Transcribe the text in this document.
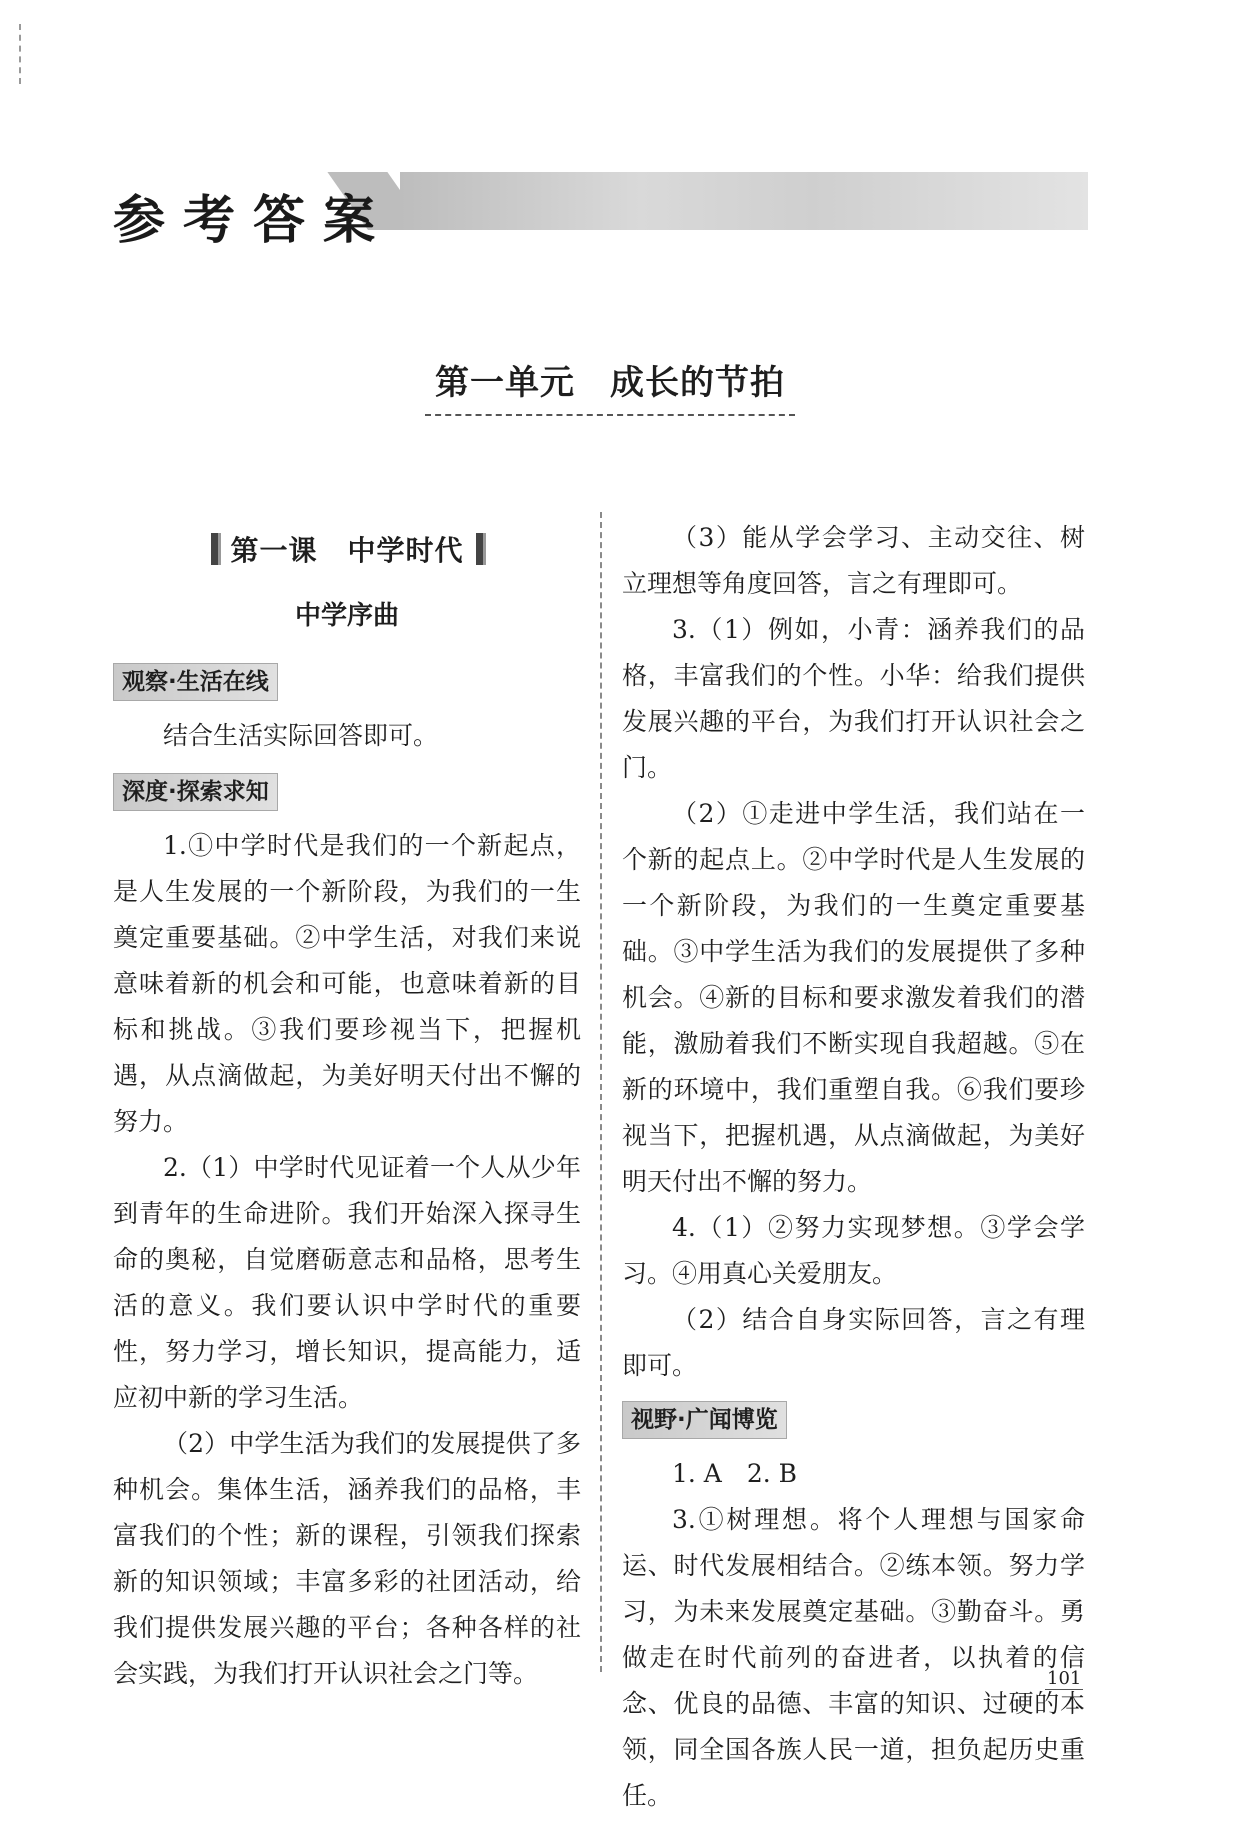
参考答案
第一单元　成长的节拍
第一课 中学时代
中学序曲
观察·生活在线

结合生活实际回答即可。

深度·探索求知

1.①中学时代是我们的一个新起点，是人生发展的一个新阶段，为我们的一生奠定重要基础。②中学生活，对我们来说意味着新的机会和可能，也意味着新的目标和挑战。③我们要珍视当下，把握机遇，从点滴做起，为美好明天付出不懈的努力。

2.（1）中学时代见证着一个人从少年到青年的生命进阶。我们开始深入探寻生命的奥秘，自觉磨砺意志和品格，思考生活的意义。我们要认识中学时代的重要性，努力学习，增长知识，提高能力，适应初中新的学习生活。

（2）中学生活为我们的发展提供了多种机会。集体生活，涵养我们的品格，丰富我们的个性；新的课程，引领我们探索新的知识领域；丰富多彩的社团活动，给我们提供发展兴趣的平台；各种各样的社会实践，为我们打开认识社会之门等。

（3）能从学会学习、主动交往、树立理想等角度回答，言之有理即可。

3.（1）例如，小青：涵养我们的品格，丰富我们的个性。小华：给我们提供发展兴趣的平台，为我们打开认识社会之门。

（2）①走进中学生活，我们站在一个新的起点上。②中学时代是人生发展的一个新阶段，为我们的一生奠定重要基础。③中学生活为我们的发展提供了多种机会。④新的目标和要求激发着我们的潜能，激励着我们不断实现自我超越。⑤在新的环境中，我们重塑自我。⑥我们要珍视当下，把握机遇，从点滴做起，为美好明天付出不懈的努力。

4.（1）②努力实现梦想。③学会学习。④用真心关爱朋友。

（2）结合自身实际回答，言之有理即可。

视野·广闻博览

1. A　2. B

3.①树理想。将个人理想与国家命运、时代发展相结合。②练本领。努力学习，为未来发展奠定基础。③勤奋斗。勇做走在时代前列的奋进者，以执着的信念、优良的品德、丰富的知识、过硬的本领，同全国各族人民一道，担负起历史重任。

101
